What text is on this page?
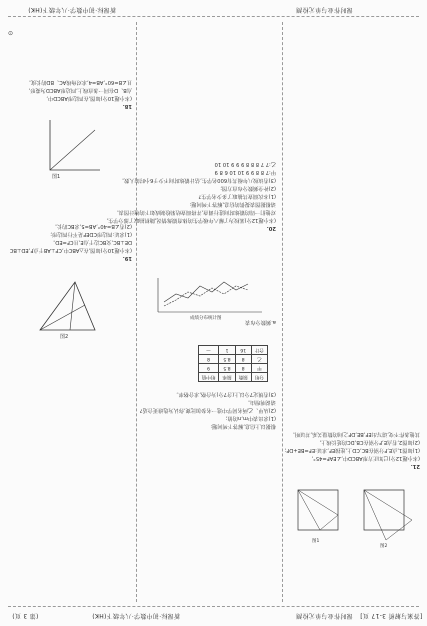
课时作业与单元检测
新课标·初中数学·八年级下(HK)
课时作业与单元检测
新课标·初中数学·八年级下(HK)
(第 3 页)	[答案与解析 3-17 页]
⊙
18.
(本小题10分)如图,在四边形ABCD中,
点B、D在同一条直线上,四边形ABCD为菱形,
且∠B=60°,AB=4,求对角线AC、BD的长度。
图1
19.
(本小题10分)如图,在△ABC中,CF⊥AB于点F,ED⊥BC
DE⊥BC,交BC边于点E,且CF=ED。
(1)求证:四边形CDEF是平行四边形;
(2)若∠B=40°,AB=5,求BC的长。
图2
20.
(本小题12分)某校为了解八年级学生的体育锻炼情况,随机抽取了部分学生,
对他们一周的锻炼时间进行调查,并将调查结果绘制成如下的统计图表。
请根据图表提供的信息,解答下列问题:
(1)本次调查共抽取了多少名学生?
(2)补全频数分布直方图;
(3)若该校八年级共有600名学生,估计锻炼时间不少于6小时的人数。
甲:7 8 8 9 9 10 10 6 8 9
乙:7 7 8 8 8 9 9 9 10 10
成绩分布统计图
a.频数分布表
分组	频数	频率	组中值
甲	8	8.5	9
乙	8	8.5	8
合计	16	1	—
根据以上信息,解答下列问题:
(1)求出表中m,n的值;
(2)从甲、乙两名同学中选一名参加比赛,你认为选谁更合适?
请说明理由。
(3)若规定7分以上(含7分)为合格,求合格率。
21.
(本小题12分)已知正方形ABCD中,∠EAF=45°,
(1)如图1,点E,F分别在BC,CD上,连接EF,求证:EF=BE+DF;
(2)如图2,若点E,F分别在CB,DC的延长线上,
其他条件不变,请写出EF,BE,DF之间的数量关系,并证明。
图1
图2
